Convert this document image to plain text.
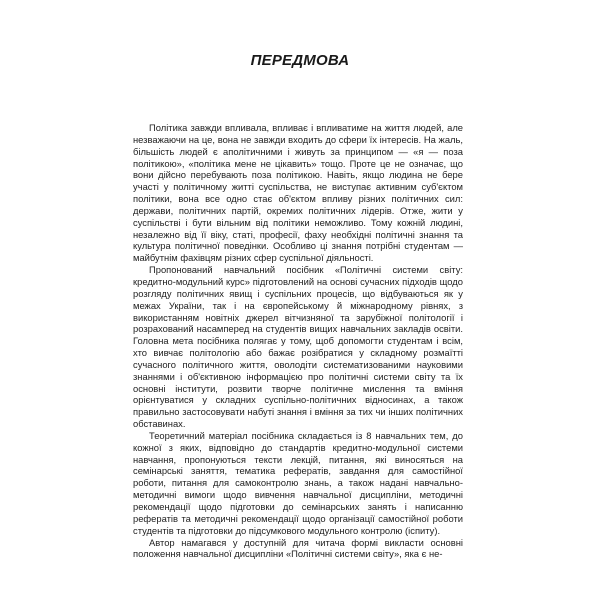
ПЕРЕДМОВА

Політика завжди впливала, впливає і впливатиме на життя людей, але незважаючи на це, вона не завжди входить до сфери їх інтересів. На жаль, більшість людей є аполітичними і живуть за принципом — «я — поза політикою», «політика мене не цікавить» тощо. Проте це не означає, що вони дійсно перебувають поза політикою. Навіть, якщо людина не бере участі у політичному житті суспільства, не виступає активним суб'єктом політики, вона все одно стає об'єктом впливу різних політичних сил: держави, політичних партій, окремих політичних лідерів. Отже, жити у суспільстві і бути вільним від політики неможливо. Тому кожній людині, незалежно від її віку, статі, професії, фаху необхідні політичні знання та культура політичної поведінки. Особливо ці знання потрібні студентам — майбутнім фахівцям різних сфер суспільної діяльності.

Пропонований навчальний посібник «Політичні системи світу: кредитно-модульний курс» підготовлений на основі сучасних підходів щодо розгляду політичних явищ і суспільних процесів, що відбуваються як у межах України, так і на європейському й міжнародному рівнях, з використанням новітніх джерел вітчизняної та зарубіжної політології і розрахований насамперед на студентів вищих навчальних закладів освіти. Головна мета посібника полягає у тому, щоб допомогти студентам і всім, хто вивчає політологію або бажає розібратися у складному розмаїтті сучасного політичного життя, оволодіти систематизованими науковими знаннями і об'єктивною інформацією про політичні системи світу та їх основні інститути, розвити творче політичне мислення та вміння орієнтуватися у складних суспільно-політичних відносинах, а також правильно застосовувати набуті знання і вміння за тих чи інших політичних обставинах.

Теоретичний матеріал посібника складається із 8 навчальних тем, до кожної з яких, відповідно до стандартів кредитно-модульної системи навчання, пропонуються тексти лекцій, питання, які виносяться на семінарські заняття, тематика рефератів, завдання для самостійної роботи, питання для самоконтролю знань, а також надані навчально-методичні вимоги щодо вивчення навчальної дисципліни, методичні рекомендації щодо підготовки до семінарських занять і написанню рефератів та методичні рекомендації щодо організації самостійної роботи студентів та підготовки до підсумкового модульного контролю (іспиту).

Автор намагався у доступній для читача формі викласти основні положення навчальної дисципліни «Політичні системи світу», яка є не-
